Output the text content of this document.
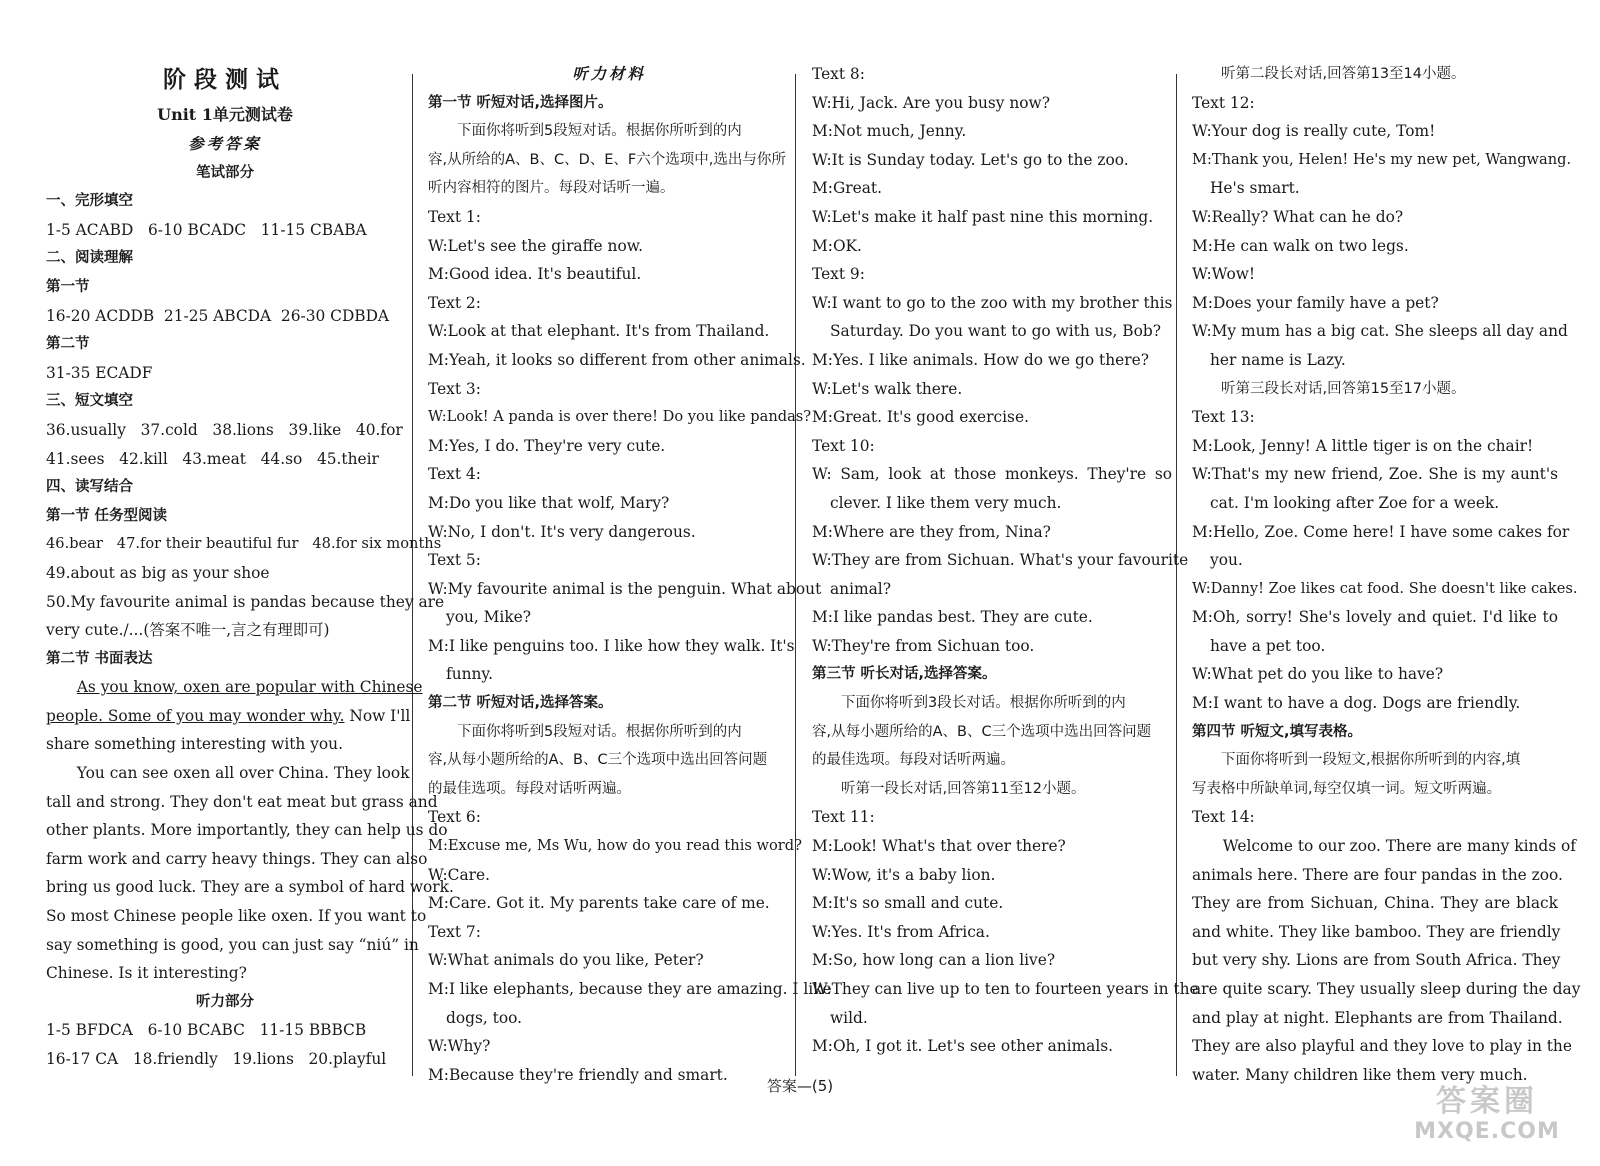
阶段测试

Unit 1单元测试卷

参考答案

笔试部分

一、完形填空

1-5 ACABD   6-10 BCADC   11-15 CBABA

二、阅读理解

第一节

16-20 ACDDB  21-25 ABCDA  26-30 CDBDA

第二节

31-35 ECADF

三、短文填空

36.usually   37.cold   38.lions   39.like   40.for

41.sees   42.kill   43.meat   44.so   45.their

四、读写结合

第一节 任务型阅读

46.bear   47.for their beautiful fur   48.for six months

49.about as big as your shoe

50.My favourite animal is pandas because they are

very cute./...(答案不唯一,言之有理即可)

第二节 书面表达

As you know, oxen are popular with Chinese

people. Some of you may wonder why. Now I'll

share something interesting with you.

You can see oxen all over China. They look

tall and strong. They don't eat meat but grass and

other plants. More importantly, they can help us do

farm work and carry heavy things. They can also

bring us good luck. They are a symbol of hard work.

So most Chinese people like oxen. If you want to

say something is good, you can just say “niú” in

Chinese. Is it interesting?

听力部分

1-5 BFDCA   6-10 BCABC   11-15 BBBCB

16-17 CA   18.friendly   19.lions   20.playful

听力材料

第一节 听短对话,选择图片。

下面你将听到5段短对话。根据你所听到的内

容,从所给的A、B、C、D、E、F六个选项中,选出与你所

听内容相符的图片。每段对话听一遍。

Text 1:

W:Let's see the giraffe now.

M:Good idea. It's beautiful.

Text 2:

W:Look at that elephant. It's from Thailand.

M:Yeah, it looks so different from other animals.

Text 3:

W:Look! A panda is over there! Do you like pandas?

M:Yes, I do. They're very cute.

Text 4:

M:Do you like that wolf, Mary?

W:No, I don't. It's very dangerous.

Text 5:

W:My favourite animal is the penguin. What about

you, Mike?

M:I like penguins too. I like how they walk. It's

funny.

第二节 听短对话,选择答案。

下面你将听到5段短对话。根据你所听到的内

容,从每小题所给的A、B、C三个选项中选出回答问题

的最佳选项。每段对话听两遍。

Text 6:

M:Excuse me, Ms Wu, how do you read this word?

W:Care.

M:Care. Got it. My parents take care of me.

Text 7:

W:What animals do you like, Peter?

M:I like elephants, because they are amazing. I like

dogs, too.

W:Why?

M:Because they're friendly and smart.

Text 8:

W:Hi, Jack. Are you busy now?

M:Not much, Jenny.

W:It is Sunday today. Let's go to the zoo.

M:Great.

W:Let's make it half past nine this morning.

M:OK.

Text 9:

W:I want to go to the zoo with my brother this

Saturday. Do you want to go with us, Bob?

M:Yes. I like animals. How do we go there?

W:Let's walk there.

M:Great. It's good exercise.

Text 10:

W: Sam, look at those monkeys. They're so

clever. I like them very much.

M:Where are they from, Nina?

W:They are from Sichuan. What's your favourite

animal?

M:I like pandas best. They are cute.

W:They're from Sichuan too.

第三节 听长对话,选择答案。

下面你将听到3段长对话。根据你所听到的内

容,从每小题所给的A、B、C三个选项中选出回答问题

的最佳选项。每段对话听两遍。

听第一段长对话,回答第11至12小题。

Text 11:

M:Look! What's that over there?

W:Wow, it's a baby lion.

M:It's so small and cute.

W:Yes. It's from Africa.

M:So, how long can a lion live?

W:They can live up to ten to fourteen years in the

wild.

M:Oh, I got it. Let's see other animals.

听第二段长对话,回答第13至14小题。

Text 12:

W:Your dog is really cute, Tom!

M:Thank you, Helen! He's my new pet, Wangwang.

He's smart.

W:Really? What can he do?

M:He can walk on two legs.

W:Wow!

M:Does your family have a pet?

W:My mum has a big cat. She sleeps all day and

her name is Lazy.

听第三段长对话,回答第15至17小题。

Text 13:

M:Look, Jenny! A little tiger is on the chair!

W:That's my new friend, Zoe. She is my aunt's

cat. I'm looking after Zoe for a week.

M:Hello, Zoe. Come here! I have some cakes for

you.

W:Danny! Zoe likes cat food. She doesn't like cakes.

M:Oh, sorry! She's lovely and quiet. I'd like to

have a pet too.

W:What pet do you like to have?

M:I want to have a dog. Dogs are friendly.

第四节 听短文,填写表格。

下面你将听到一段短文,根据你所听到的内容,填

写表格中所缺单词,每空仅填一词。短文听两遍。

Text 14:

Welcome to our zoo. There are many kinds of

animals here. There are four pandas in the zoo.

They are from Sichuan, China. They are black

and white. They like bamboo. They are friendly

but very shy. Lions are from South Africa. They

are quite scary. They usually sleep during the day

and play at night. Elephants are from Thailand.

They are also playful and they love to play in the

water. Many children like them very much.

答案—(5)	答案圈
MXQE.COM
